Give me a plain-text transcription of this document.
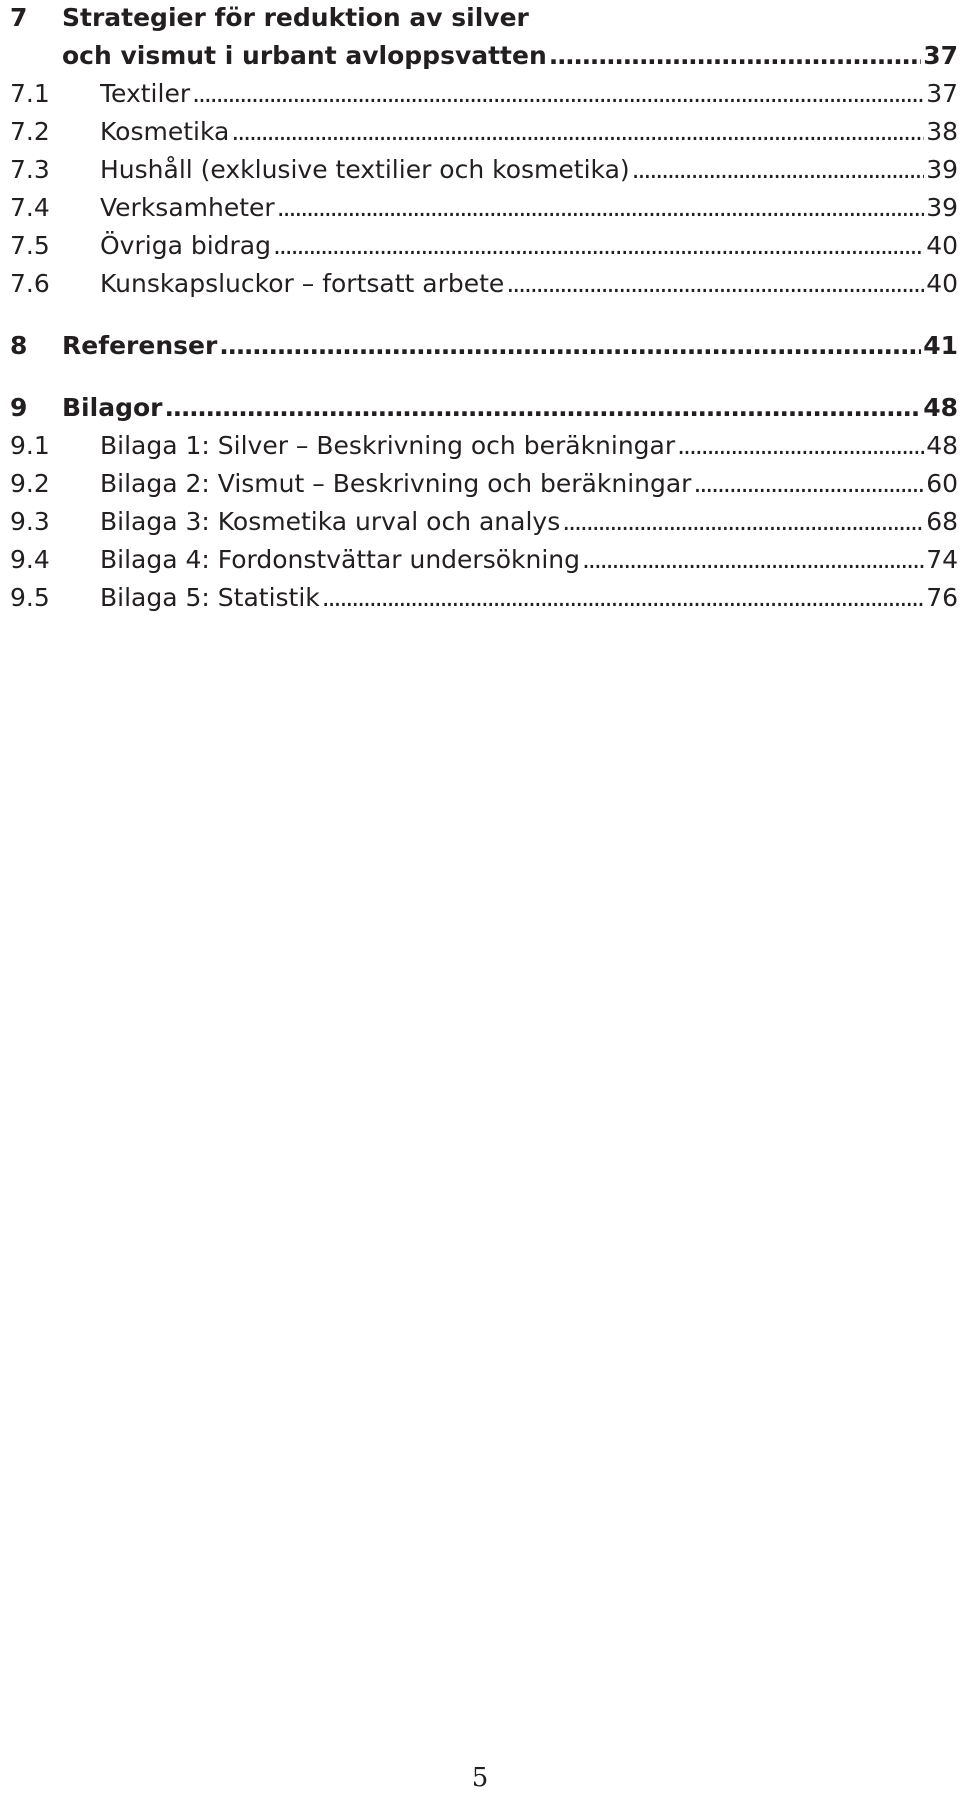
7 Strategier för reduktion av silver
och vismut i urbant avloppsvatten . . .	37
7.1 Textiler . . .	37
7.2 Kosmetika . . .	38
7.3 Hushåll (exklusive textilier och kosmetika) . . .	39
7.4 Verksamheter . . .	39
7.5 Övriga bidrag . . .	40
7.6 Kunskapsluckor – fortsatt arbete . . .	40
8 Referenser . . .	41
9 Bilagor . . .	48
9.1 Bilaga 1: Silver – Beskrivning och beräkningar . . .	48
9.2 Bilaga 2: Vismut – Beskrivning och beräkningar . . .	60
9.3 Bilaga 3: Kosmetika urval och analys . . .	68
9.4 Bilaga 4: Fordonstvättar undersökning . . .	74
9.5 Bilaga 5: Statistik . . .	76
5
